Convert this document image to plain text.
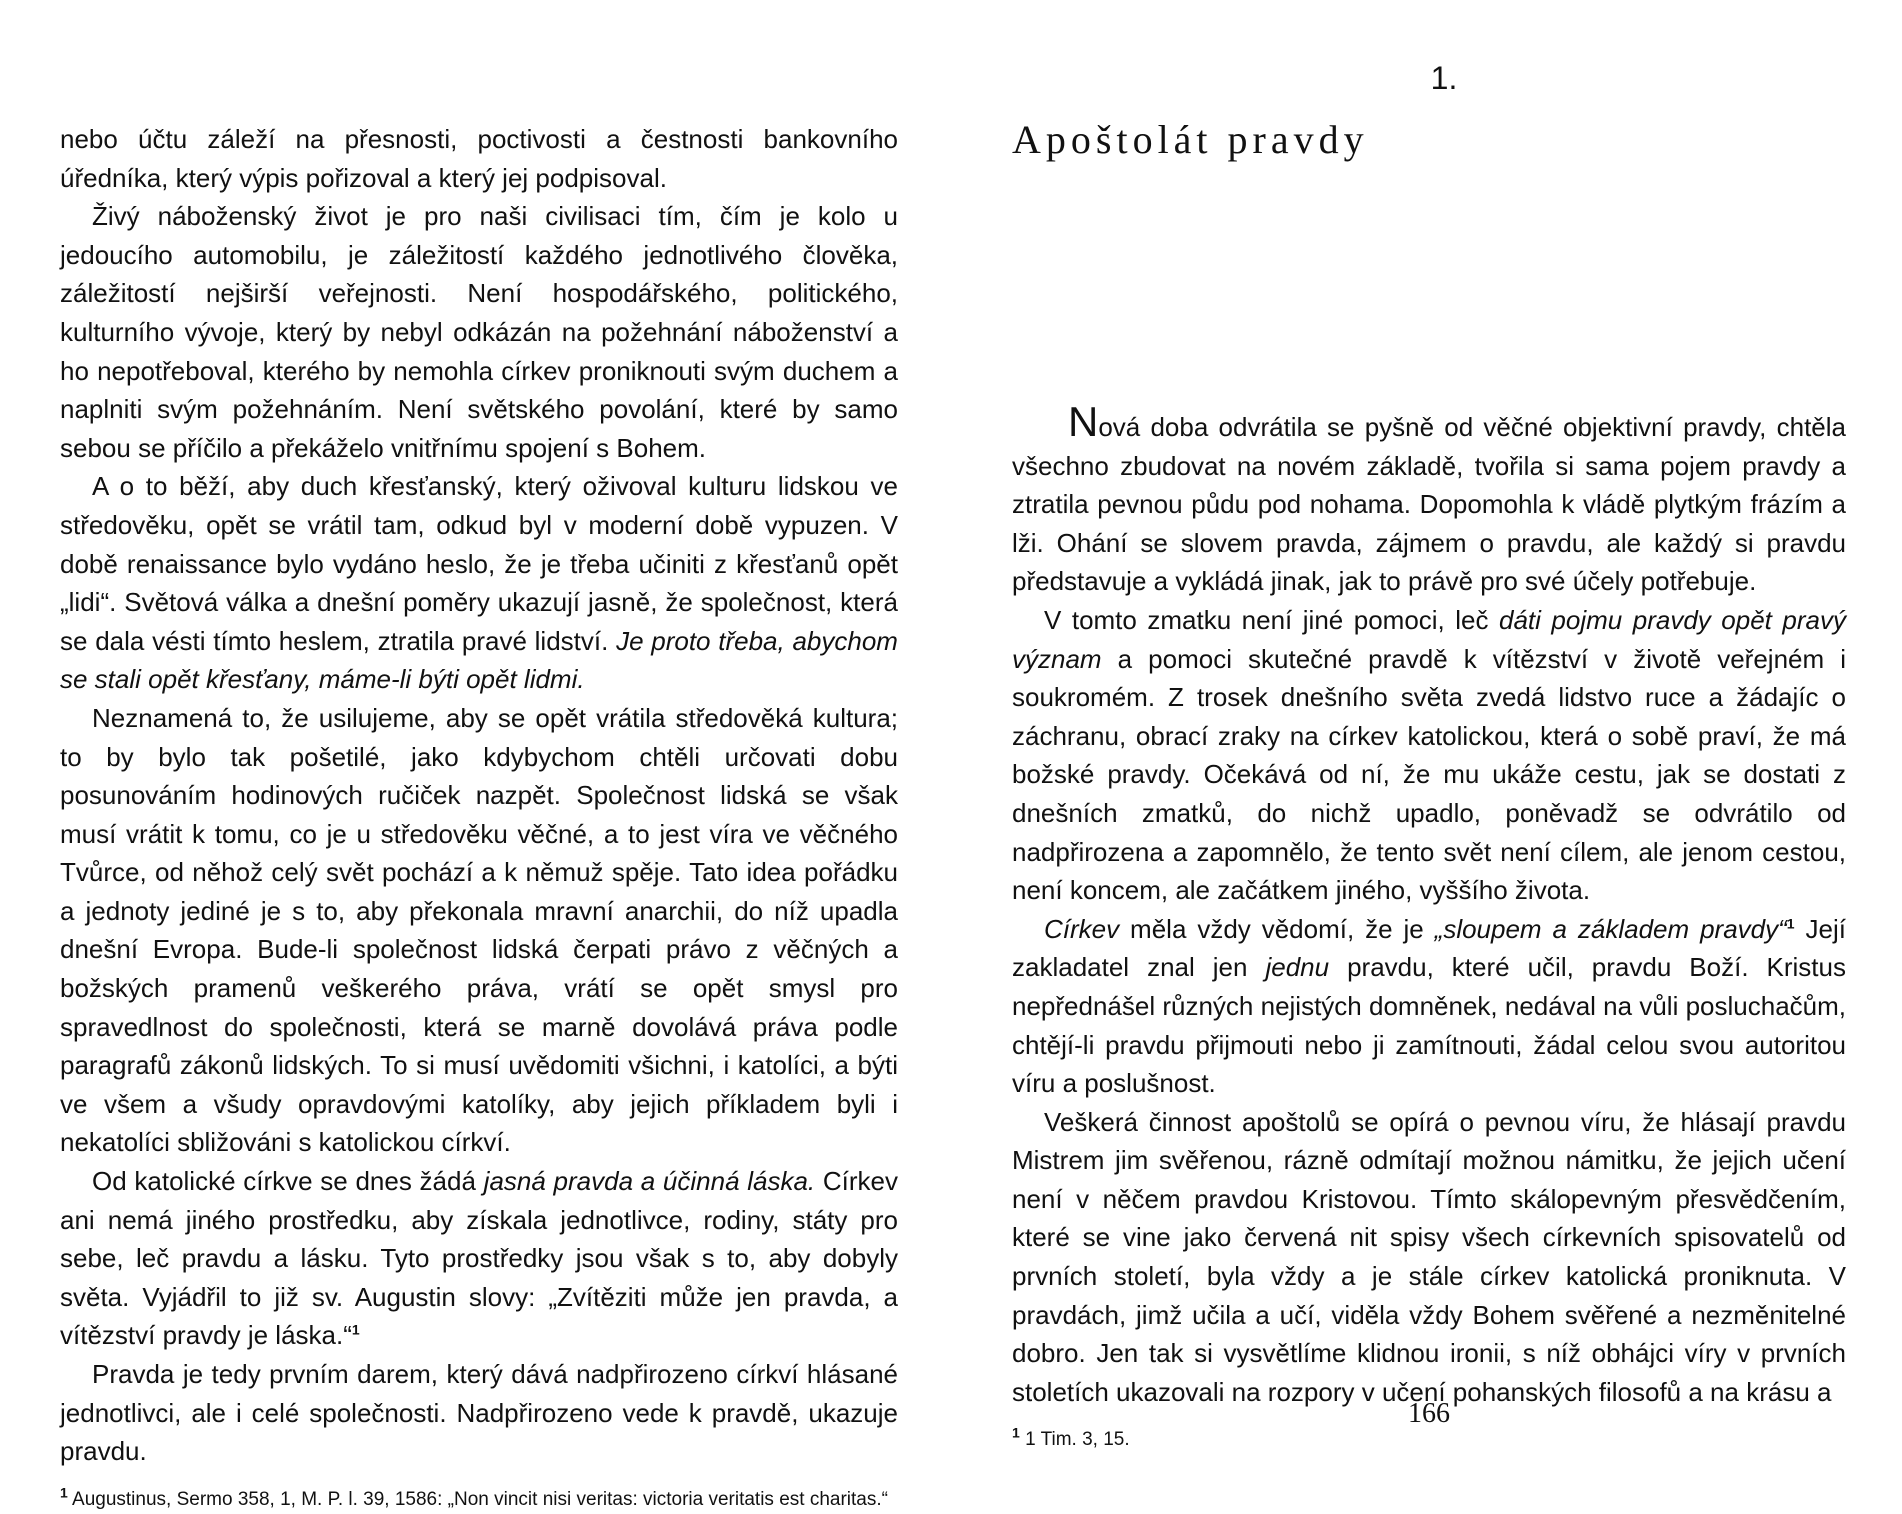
nebo účtu záleží na přesnosti, poctivosti a čestnosti bankovního úředníka, který výpis pořizoval a který jej podpisoval.
Živý náboženský život je pro naši civilisaci tím, čím je kolo u jedoucího automobilu, je záležitostí každého jednotlivého člověka, záležitostí nejširší veřejnosti. Není hospodářského, politického, kulturního vývoje, který by nebyl odkázán na požehnání náboženství a ho nepotřeboval, kterého by nemohla církev proniknouti svým duchem a naplniti svým požehnáním. Není světského povolání, které by samo sebou se příčilo a překáželo vnitřnímu spojení s Bohem.
A o to běží, aby duch křesťanský, který oživoval kulturu lidskou ve středověku, opět se vrátil tam, odkud byl v moderní době vypuzen. V době renaissance bylo vydáno heslo, že je třeba učiniti z křesťanů opět „lidi“. Světová válka a dnešní poměry ukazují jasně, že společnost, která se dala vésti tímto heslem, ztratila pravé lidství. Je proto třeba, abychom se stali opět křesťany, máme-li býti opět lidmi.
Neznamená to, že usilujeme, aby se opět vrátila středověká kultura; to by bylo tak pošetilé, jako kdybychom chtěli určovati dobu posunováním hodinových ručiček nazpět. Společnost lidská se však musí vrátit k tomu, co je u středověku věčné, a to jest víra ve věčného Tvůrce, od něhož celý svět pochází a k němuž spěje. Tato idea pořádku a jednoty jediné je s to, aby překonala mravní anarchii, do níž upadla dnešní Evropa. Bude-li společnost lidská čerpati právo z věčných a božských pramenů veškerého práva, vrátí se opět smysl pro spravedlnost do společnosti, která se marně dovolává práva podle paragrafů zákonů lidských. To si musí uvědomiti všichni, i katolíci, a býti ve všem a všudy opravdovými katolíky, aby jejich příkladem byli i nekatolíci sbližováni s katolickou církví.
Od katolické církve se dnes žádá jasná pravda a účinná láska. Církev ani nemá jiného prostředku, aby získala jednotlivce, rodiny, státy pro sebe, leč pravdu a lásku. Tyto prostředky jsou však s to, aby dobyly světa. Vyjádřil to již sv. Augustin slovy: „Zvítěziti může jen pravda, a vítězství pravdy je láska.“$^1$
Pravda je tedy prvním darem, který dává nadpřirozeno církví hlásané jednotlivci, ale i celé společnosti. Nadpřirozeno vede k pravdě, ukazuje pravdu.

$^1$ Augustinus, Sermo 358, 1, M. P. l. 39, 1586: „Non vincit nisi veritas: victoria veritatis est charitas.“

1.
Apoštolát pravdy
Nová doba odvrátila se pyšně od věčné objektivní pravdy, chtěla všechno zbudovat na novém základě, tvořila si sama pojem pravdy a ztratila pevnou půdu pod nohama. Dopomohla k vládě plytkým frázím a lži. Ohání se slovem pravda, zájmem o pravdu, ale každý si pravdu představuje a vykládá jinak, jak to právě pro své účely potřebuje.
V tomto zmatku není jiné pomoci, leč dáti pojmu pravdy opět pravý význam a pomoci skutečné pravdě k vítězství v životě veřejném i soukromém. Z trosek dnešního světa zvedá lidstvo ruce a žádajíc o záchranu, obrací zraky na církev katolickou, která o sobě praví, že má božské pravdy. Očekává od ní, že mu ukáže cestu, jak se dostati z dnešních zmatků, do nichž upadlo, poněvadž se odvrátilo od nadpřirozena a zapomnělo, že tento svět není cílem, ale jenom cestou, není koncem, ale začátkem jiného, vyššího života.
Církev měla vždy vědomí, že je „sloupem a základem pravdy“$^1$ Její zakladatel znal jen jednu pravdu, které učil, pravdu Boží. Kristus nepřednášel různých nejistých domněnek, nedával na vůli posluchačům, chtějí-li pravdu přijmouti nebo ji zamítnouti, žádal celou svou autoritou víru a poslušnost.
Veškerá činnost apoštolů se opírá o pevnou víru, že hlásají pravdu Mistrem jim svěřenou, rázně odmítají možnou námitku, že jejich učení není v něčem pravdou Kristovou. Tímto skálopevným přesvědčením, které se vine jako červená nit spisy všech církevních spisovatelů od prvních století, byla vždy a je stále církev katolická proniknuta. V pravdách, jimž učila a učí, viděla vždy Bohem svěřené a nezměnitelné dobro. Jen tak si vysvětlíme klidnou ironii, s níž obhájci víry v prvních stoletích ukazovali na rozpory v učení pohanských filosofů a na krásu a

$^1$ 1 Tim. 3, 15.

166
